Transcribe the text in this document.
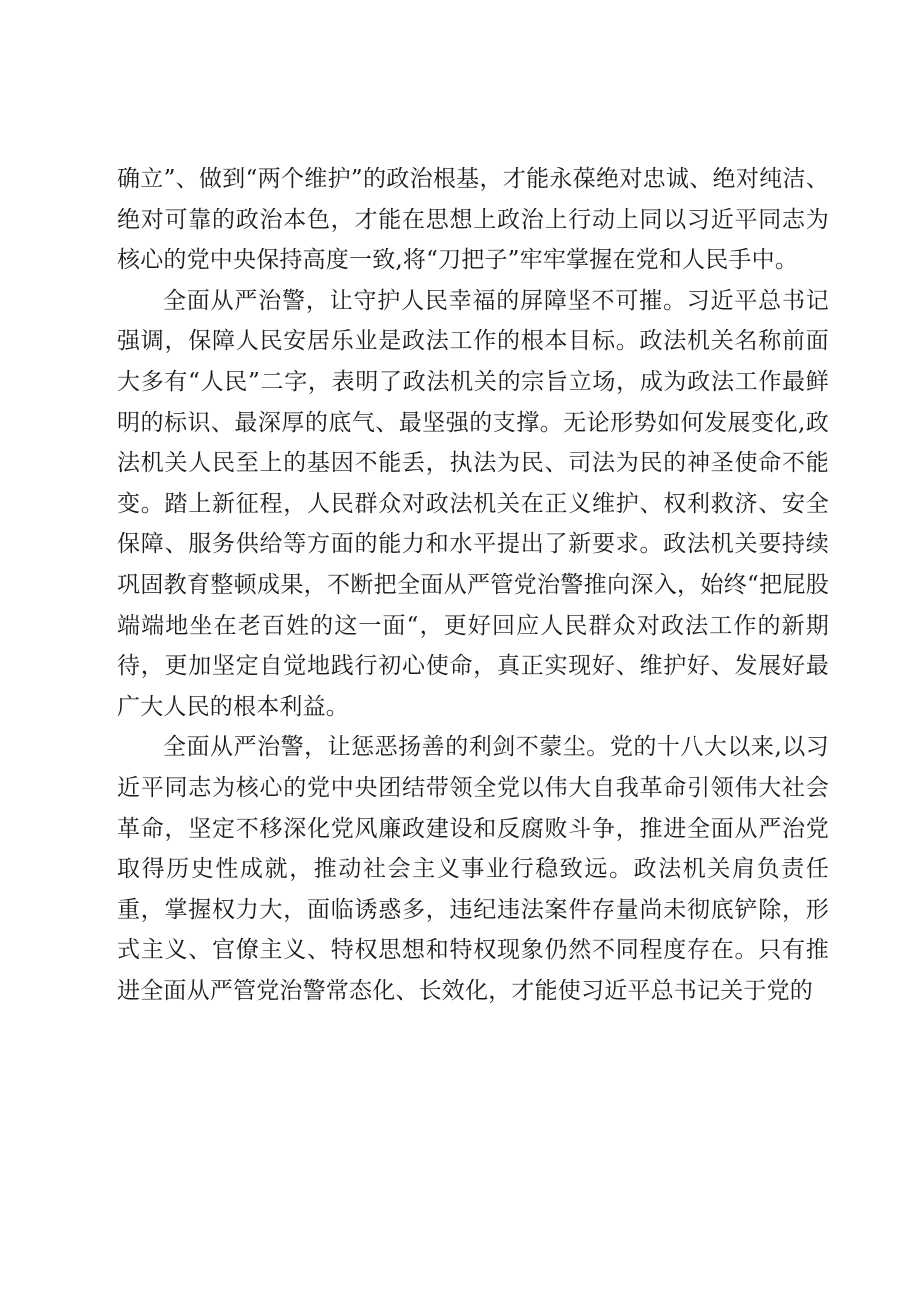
确立”、做到“两个维护”的政治根基，才能永葆绝对忠诚、绝对纯洁、绝对可靠的政治本色，才能在思想上政治上行动上同以习近平同志为核心的党中央保持高度一致,将“刀把子”牢牢掌握在党和人民手中。

全面从严治警，让守护人民幸福的屏障坚不可摧。习近平总书记强调，保障人民安居乐业是政法工作的根本目标。政法机关名称前面大多有“人民”二字，表明了政法机关的宗旨立场，成为政法工作最鲜明的标识、最深厚的底气、最坚强的支撑。无论形势如何发展变化,政法机关人民至上的基因不能丢，执法为民、司法为民的神圣使命不能变。踏上新征程，人民群众对政法机关在正义维护、权利救济、安全保障、服务供给等方面的能力和水平提出了新要求。政法机关要持续巩固教育整顿成果，不断把全面从严管党治警推向深入，始终“把屁股端端地坐在老百姓的这一面“，更好回应人民群众对政法工作的新期待，更加坚定自觉地践行初心使命，真正实现好、维护好、发展好最广大人民的根本利益。

全面从严治警，让惩恶扬善的利剑不蒙尘。党的十八大以来,以习近平同志为核心的党中央团结带领全党以伟大自我革命引领伟大社会革命，坚定不移深化党风廉政建设和反腐败斗争，推进全面从严治党取得历史性成就，推动社会主义事业行稳致远。政法机关肩负责任重，掌握权力大，面临诱惑多，违纪违法案件存量尚未彻底铲除，形式主义、官僚主义、特权思想和特权现象仍然不同程度存在。只有推进全面从严管党治警常态化、长效化，才能使习近平总书记关于党的
